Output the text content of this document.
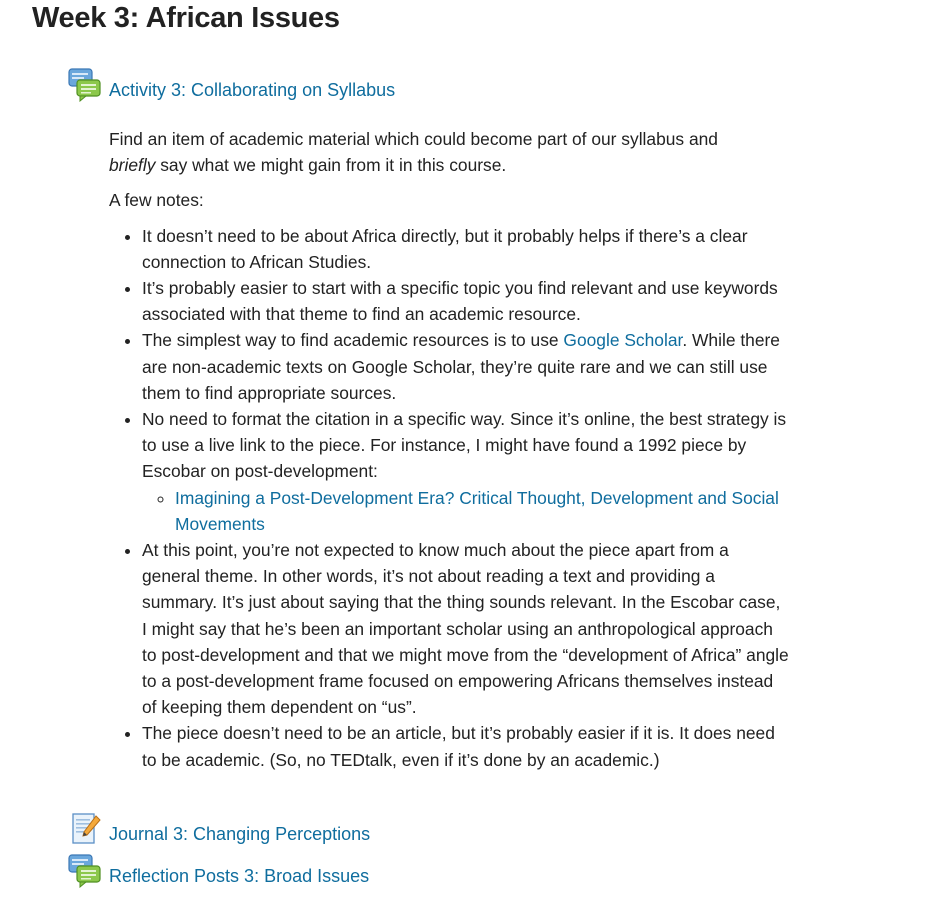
Week 3: African Issues
Activity 3: Collaborating on Syllabus

Find an item of academic material which could become part of our syllabus and
briefly say what we might gain from it in this course.

A few notes:

• It doesn’t need to be about Africa directly, but it probably helps if there’s a clear connection to African Studies.
• It’s probably easier to start with a specific topic you find relevant and use keywords associated with that theme to find an academic resource.
• The simplest way to find academic resources is to use Google Scholar. While there are non-academic texts on Google Scholar, they’re quite rare and we can still use them to find appropriate sources.
• No need to format the citation in a specific way. Since it’s online, the best strategy is to use a live link to the piece. For instance, I might have found a 1992 piece by Escobar on post-development:
◦ Imagining a Post-Development Era? Critical Thought, Development and Social Movements
• At this point, you’re not expected to know much about the piece apart from a general theme. In other words, it’s not about reading a text and providing a summary. It’s just about saying that the thing sounds relevant. In the Escobar case, I might say that he’s been an important scholar using an anthropological approach to post-development and that we might move from the “development of Africa” angle to a post-development frame focused on empowering Africans themselves instead of keeping them dependent on “us”.
• The piece doesn’t need to be an article, but it’s probably easier if it is. It does need to be academic. (So, no TEDtalk, even if it’s done by an academic.)
Journal 3: Changing Perceptions
Reflection Posts 3: Broad Issues
